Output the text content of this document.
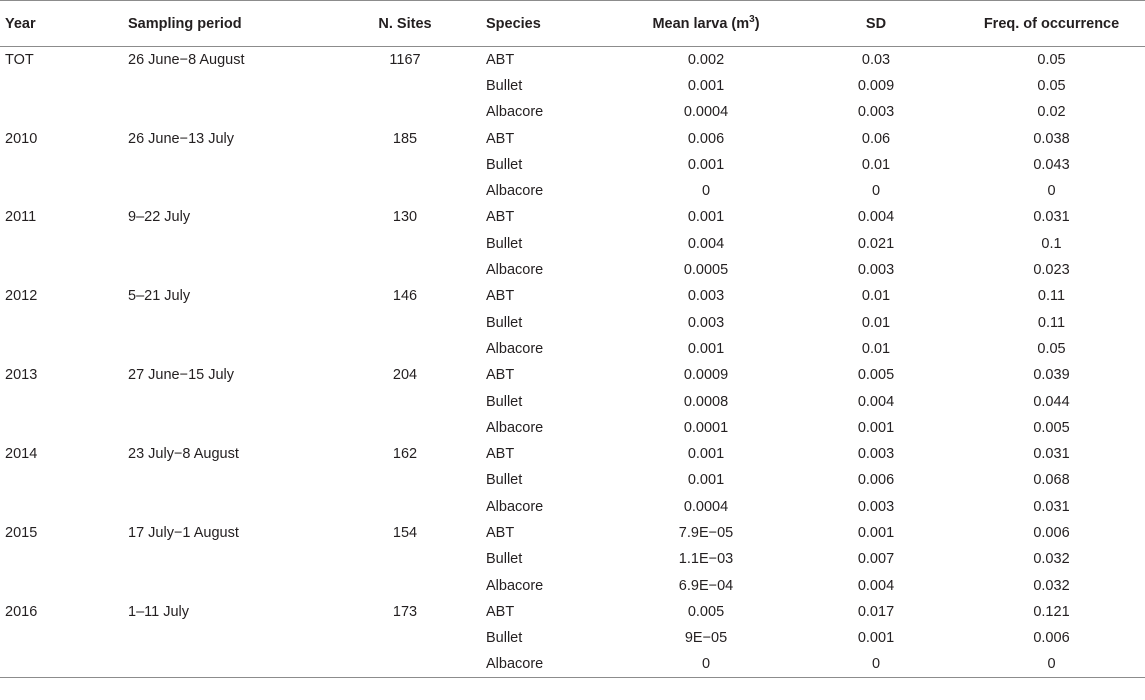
Year	Sampling period	N. Sites	Species	Mean larva $(m^3)$	SD	Freq. of occurrence
TOT	26 June−8 August	1167	ABT	0.002	0.03	0.05
			Bullet	0.001	0.009	0.05
			Albacore	0.0004	0.003	0.02
2010	26 June−13 July	185	ABT	0.006	0.06	0.038
			Bullet	0.001	0.01	0.043
			Albacore	0	0	0
2011	9–22 July	130	ABT	0.001	0.004	0.031
			Bullet	0.004	0.021	0.1
			Albacore	0.0005	0.003	0.023
2012	5–21 July	146	ABT	0.003	0.01	0.11
			Bullet	0.003	0.01	0.11
			Albacore	0.001	0.01	0.05
2013	27 June−15 July	204	ABT	0.0009	0.005	0.039
			Bullet	0.0008	0.004	0.044
			Albacore	0.0001	0.001	0.005
2014	23 July−8 August	162	ABT	0.001	0.003	0.031
			Bullet	0.001	0.006	0.068
			Albacore	0.0004	0.003	0.031
2015	17 July−1 August	154	ABT	7.9E−05	0.001	0.006
			Bullet	1.1E−03	0.007	0.032
			Albacore	6.9E−04	0.004	0.032
2016	1–11 July	173	ABT	0.005	0.017	0.121
			Bullet	9E−05	0.001	0.006
			Albacore	0	0	0
